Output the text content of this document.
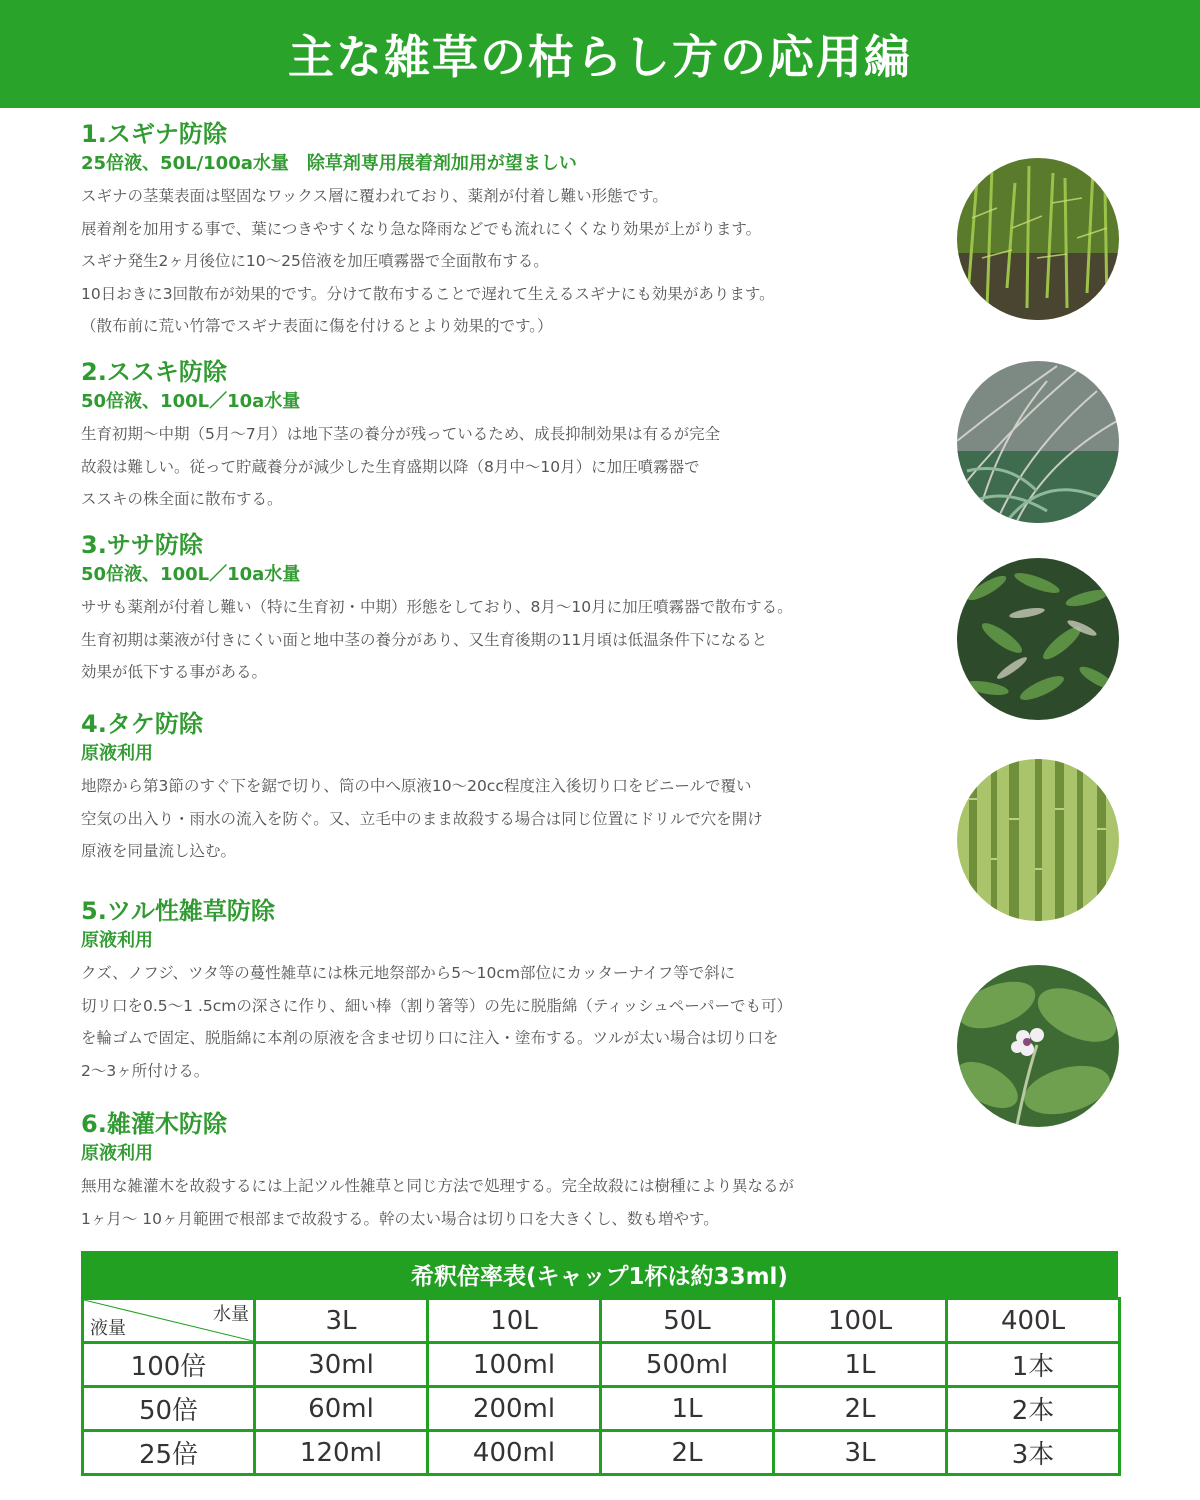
主な雑草の枯らし方の応用編

1.スギナ防除

25倍液、50L/100a水量　除草剤専用展着剤加用が望ましい

スギナの茎葉表面は堅固なワックス層に覆われており、薬剤が付着し難い形態です。

展着剤を加用する事で、葉につきやすくなり急な降雨などでも流れにくくなり効果が上がります。

スギナ発生2ヶ月後位に10〜25倍液を加圧噴霧器で全面散布する。

10日おきに3回散布が効果的です。分けて散布することで遅れて生えるスギナにも効果があります。

（散布前に荒い竹箒でスギナ表面に傷を付けるとより効果的です。）

2.ススキ防除

50倍液、100L／10a水量

生育初期〜中期（5月〜7月）は地下茎の養分が残っているため、成長抑制効果は有るが完全

故殺は難しい。従って貯蔵養分が減少した生育盛期以降（8月中〜10月）に加圧噴霧器で

ススキの株全面に散布する。

3.ササ防除

50倍液、100L／10a水量

ササも薬剤が付着し難い（特に生育初・中期）形態をしており、8月〜10月に加圧噴霧器で散布する。

生育初期は薬液が付きにくい面と地中茎の養分があり、又生育後期の11月頃は低温条件下になると

効果が低下する事がある。

4.タケ防除

原液利用

地際から第3節のすぐ下を鋸で切り、筒の中へ原液10〜20cc程度注入後切り口をビニールで覆い

空気の出入り・雨水の流入を防ぐ。又、立毛中のまま故殺する場合は同じ位置にドリルで穴を開け

原液を同量流し込む。

5.ツル性雑草防除

原液利用

クズ、ノフジ、ツタ等の蔓性雑草には株元地祭部から5〜10cm部位にカッターナイフ等で斜に

切リ口を0.5〜1 .5cmの深さに作り、細い棒（割り箸等）の先に脱脂綿（ティッシュペーパーでも可）

を輪ゴムで固定、脱脂綿に本剤の原液を含ませ切り口に注入・塗布する。ツルが太い場合は切り口を

2〜3ヶ所付ける。

6.雑灌木防除

原液利用

無用な雑灌木を故殺するには上記ツル性雑草と同じ方法で処理する。完全故殺には樹種により異なるが

1ヶ月〜 10ヶ月範囲で根部まで故殺する。幹の太い場合は切り口を大きくし、数も増やす。

希釈倍率表(キャップ1杯は約33ml)
水量
液量	3L	10L	50L	100L	400L
100倍	30ml	100ml	500ml	1L	1本
50倍	60ml	200ml	1L	2L	2本
25倍	120ml	400ml	2L	3L	3本
